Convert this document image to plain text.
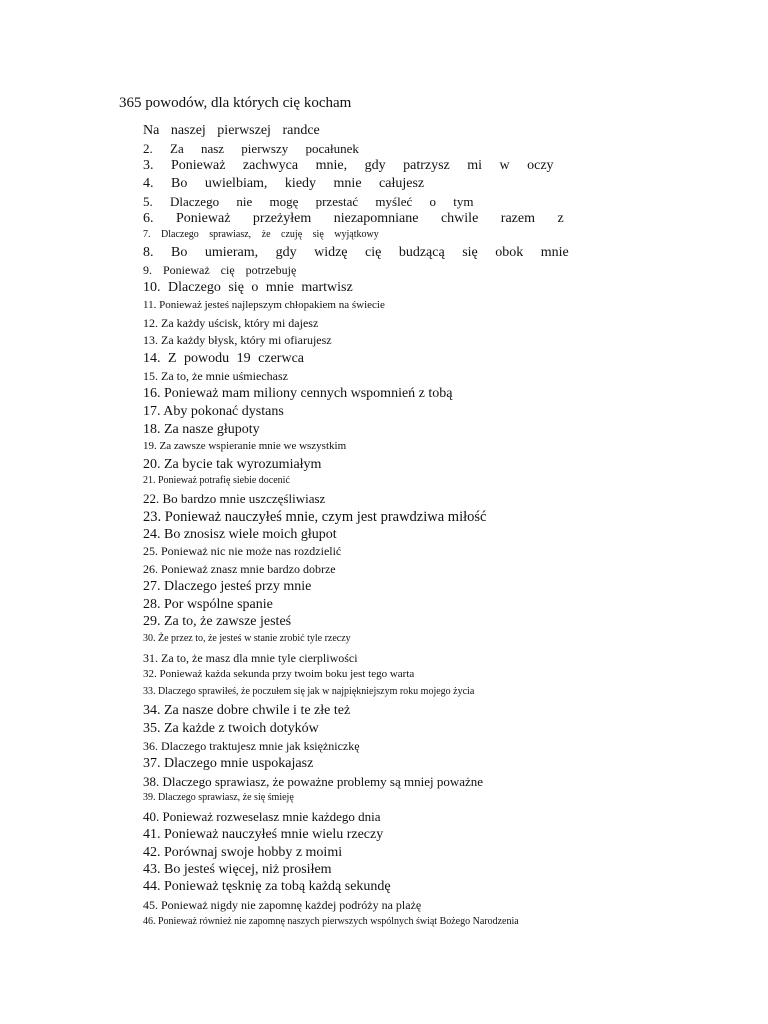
365 powodów, dla których cię kocham
Na naszej pierwszej randce
2. Za nasz pierwszy pocałunek
3. Ponieważ zachwyca mnie, gdy patrzysz mi w oczy
4. Bo uwielbiam, kiedy mnie całujesz
5. Dlaczego nie mogę przestać myśleć o tym
6. Ponieważ przeżyłem niezapomniane chwile razem z
7. Dlaczego sprawiasz, że czuję się wyjątkowy
8. Bo umieram, gdy widzę cię budzącą się obok mnie
9. Ponieważ cię potrzebuję
10. Dlaczego się o mnie martwisz
11. Ponieważ jesteś najlepszym chłopakiem na świecie
12. Za każdy uścisk, który mi dajesz
13. Za każdy błysk, który mi ofiarujesz
14. Z powodu 19 czerwca
15. Za to, że mnie uśmiechasz
16. Ponieważ mam miliony cennych wspomnień z tobą
17. Aby pokonać dystans
18. Za nasze głupoty
19. Za zawsze wspieranie mnie we wszystkim
20. Za bycie tak wyrozumiałym
21. Ponieważ potrafię siebie docenić
22. Bo bardzo mnie uszczęśliwiasz
23. Ponieważ nauczyłeś mnie, czym jest prawdziwa miłość
24. Bo znosisz wiele moich głupot
25. Ponieważ nic nie może nas rozdzielić
26. Ponieważ znasz mnie bardzo dobrze
27. Dlaczego jesteś przy mnie
28. Por wspólne spanie
29. Za to, że zawsze jesteś
30. Że przez to, że jesteś w stanie zrobić tyle rzeczy
31. Za to, że masz dla mnie tyle cierpliwości
32. Ponieważ każda sekunda przy twoim boku jest tego warta
33. Dlaczego sprawiłeś, że poczułem się jak w najpiękniejszym roku mojego życia
34. Za nasze dobre chwile i te złe też
35. Za każde z twoich dotyków
36. Dlaczego traktujesz mnie jak księżniczkę
37. Dlaczego mnie uspokajasz
38. Dlaczego sprawiasz, że poważne problemy są mniej poważne
39. Dlaczego sprawiasz, że się śmieję
40. Ponieważ rozweselasz mnie każdego dnia
41. Ponieważ nauczyłeś mnie wielu rzeczy
42. Porównaj swoje hobby z moimi
43. Bo jesteś więcej, niż prosiłem
44. Ponieważ tęsknię za tobą każdą sekundę
45. Ponieważ nigdy nie zapomnę każdej podróży na plażę
46. Ponieważ również nie zapomnę naszych pierwszych wspólnych świąt Bożego Narodzenia
